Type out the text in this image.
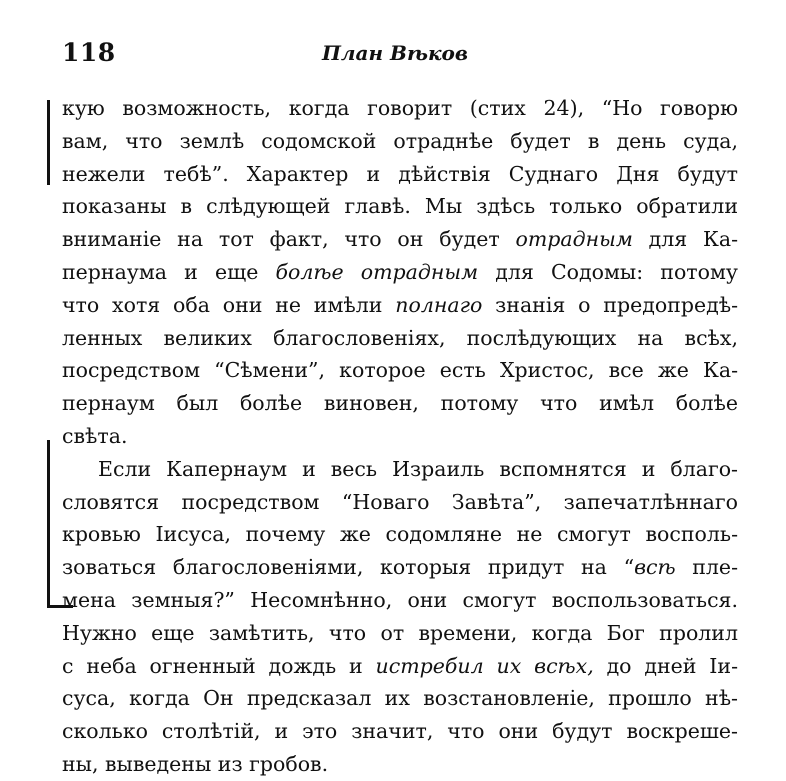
118	План Вѣков
кую возможность, когда говорит (стих 24), “Но говорю
вам, что землѣ содомской отраднѣе будет в день суда,
нежели тебѣ”. Характер и дѣйствія Суднаго Дня будут
показаны в слѣдующей главѣ. Мы здѣсь только обратили
вниманіе на тот факт, что он будет отрадным для Ка-
пернаума и еще болѣе отрадным для Содомы: потому
что хотя оба они не имѣли полнаго знанія о предопредѣ-
ленных великих благословеніях, послѣдующих на всѣх,
посредством “Сѣмени”, которое есть Христос, все же Ка-
пернаум был болѣе виновен, потому что имѣл болѣе
свѣта.
Если Капернаум и весь Израиль вспомнятся и благо-
словятся посредством “Новаго Завѣта”, запечатлѣннаго
кровью Іисуса, почему же содомляне не смогут восполь-
зоваться благословеніями, которыя придут на “всѣ пле-
мена земныя?” Несомнѣнно, они смогут воспользоваться.
Нужно еще замѣтить, что от времени, когда Бог пролил
с неба огненный дождь и истребил их всѣх, до дней Іи-
суса, когда Он предсказал их возстановленіе, прошло нѣ-
сколько столѣтій, и это значит, что они будут воскреше-
ны, выведены из гробов.
